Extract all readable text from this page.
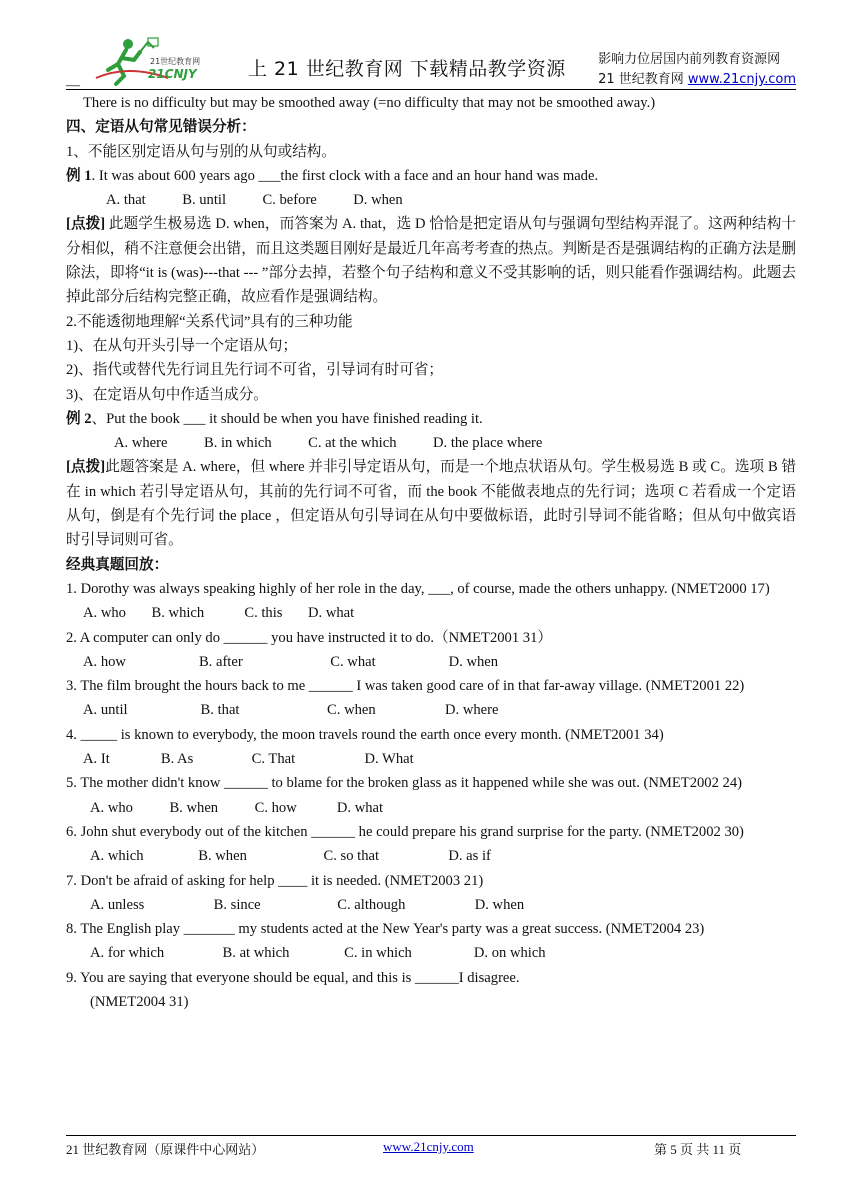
—
21世纪教育网
21CNJY	上 21 世纪教育网 下载精品教学资源 影响力位居国内前列教育资源网
21 世纪教育网 www.21cnjy.com

There is no difficulty but may be smoothed away (=no difficulty that may not be smoothed away.)

四、定语从句常见错误分析：

1、不能区别定语从句与别的从句或结构。

例 1. It was about 600 years ago ___the first clock with a face and an hour hand was made.

A. that          B. until          C. before          D. when

[点拨] 此题学生极易选 D. when，而答案为 A. that，选 D 恰恰是把定语从句与强调句型结构弄混了。这两种结构十分相似，稍不注意便会出错，而且这类题目刚好是最近几年高考考查的热点。判断是否是强调结构的正确方法是删除法，即将“it is (was)---that --- ”部分去掉，若整个句子结构和意义不受其影响的话，则只能看作强调结构。此题去掉此部分后结构完整正确，故应看作是强调结构。

2.不能透彻地理解“关系代词”具有的三种功能

1)、在从句开头引导一个定语从句；

2)、指代或替代先行词且先行词不可省，引导词有时可省；

3)、在定语从句中作适当成分。

例 2、Put the book ___ it should be when you have finished reading it.

A. where          B. in which          C. at the which          D. the place where

[点拨]此题答案是 A. where，但 where 并非引导定语从句，而是一个地点状语从句。学生极易选 B 或 C。选项 B 错在 in which 若引导定语从句，其前的先行词不可省，而 the book 不能做表地点的先行词；选项 C 若看成一个定语从句，倒是有个先行词 the place ，但定语从句引导词在从句中要做标语，此时引导词不能省略；但从句中做宾语时引导词则可省。

经典真题回放：

1. Dorothy was always speaking highly of her role in the day, ___, of course, made the others unhappy. (NMET2000 17)

A. who       B. which           C. this       D. what

2. A computer can only do ______ you have instructed it to do.（NMET2001 31）

A. how                    B. after                        C. what                    D. when

3. The film brought the hours back to me ______ I was taken good care of in that far-away village. (NMET2001 22)

A. until                    B. that                        C. when                   D. where

4. _____ is known to everybody, the moon travels round the earth once every month. (NMET2001 34)

A. It              B. As                C. That                   D. What

5. The mother didn't know ______ to blame for the broken glass as it happened while she was out. (NMET2002 24)

A. who          B. when          C. how           D. what

6. John shut everybody out of the kitchen ______ he could prepare his grand surprise for the party. (NMET2002 30)

A. which               B. when                     C. so that                   D. as if

7. Don't be afraid of asking for help ____ it is needed. (NMET2003 21)

A. unless                   B. since                     C. although                   D. when

8. The English play _______ my students acted at the New Year's party was a great success. (NMET2004 23)

A. for which                B. at which               C. in which                 D. on which

9. You are saying that everyone should be equal, and this is ______I disagree.

(NMET2004 31)

21 世纪教育网（原课件中心网站）	www.21cnjy.com	第 5 页 共 11 页
